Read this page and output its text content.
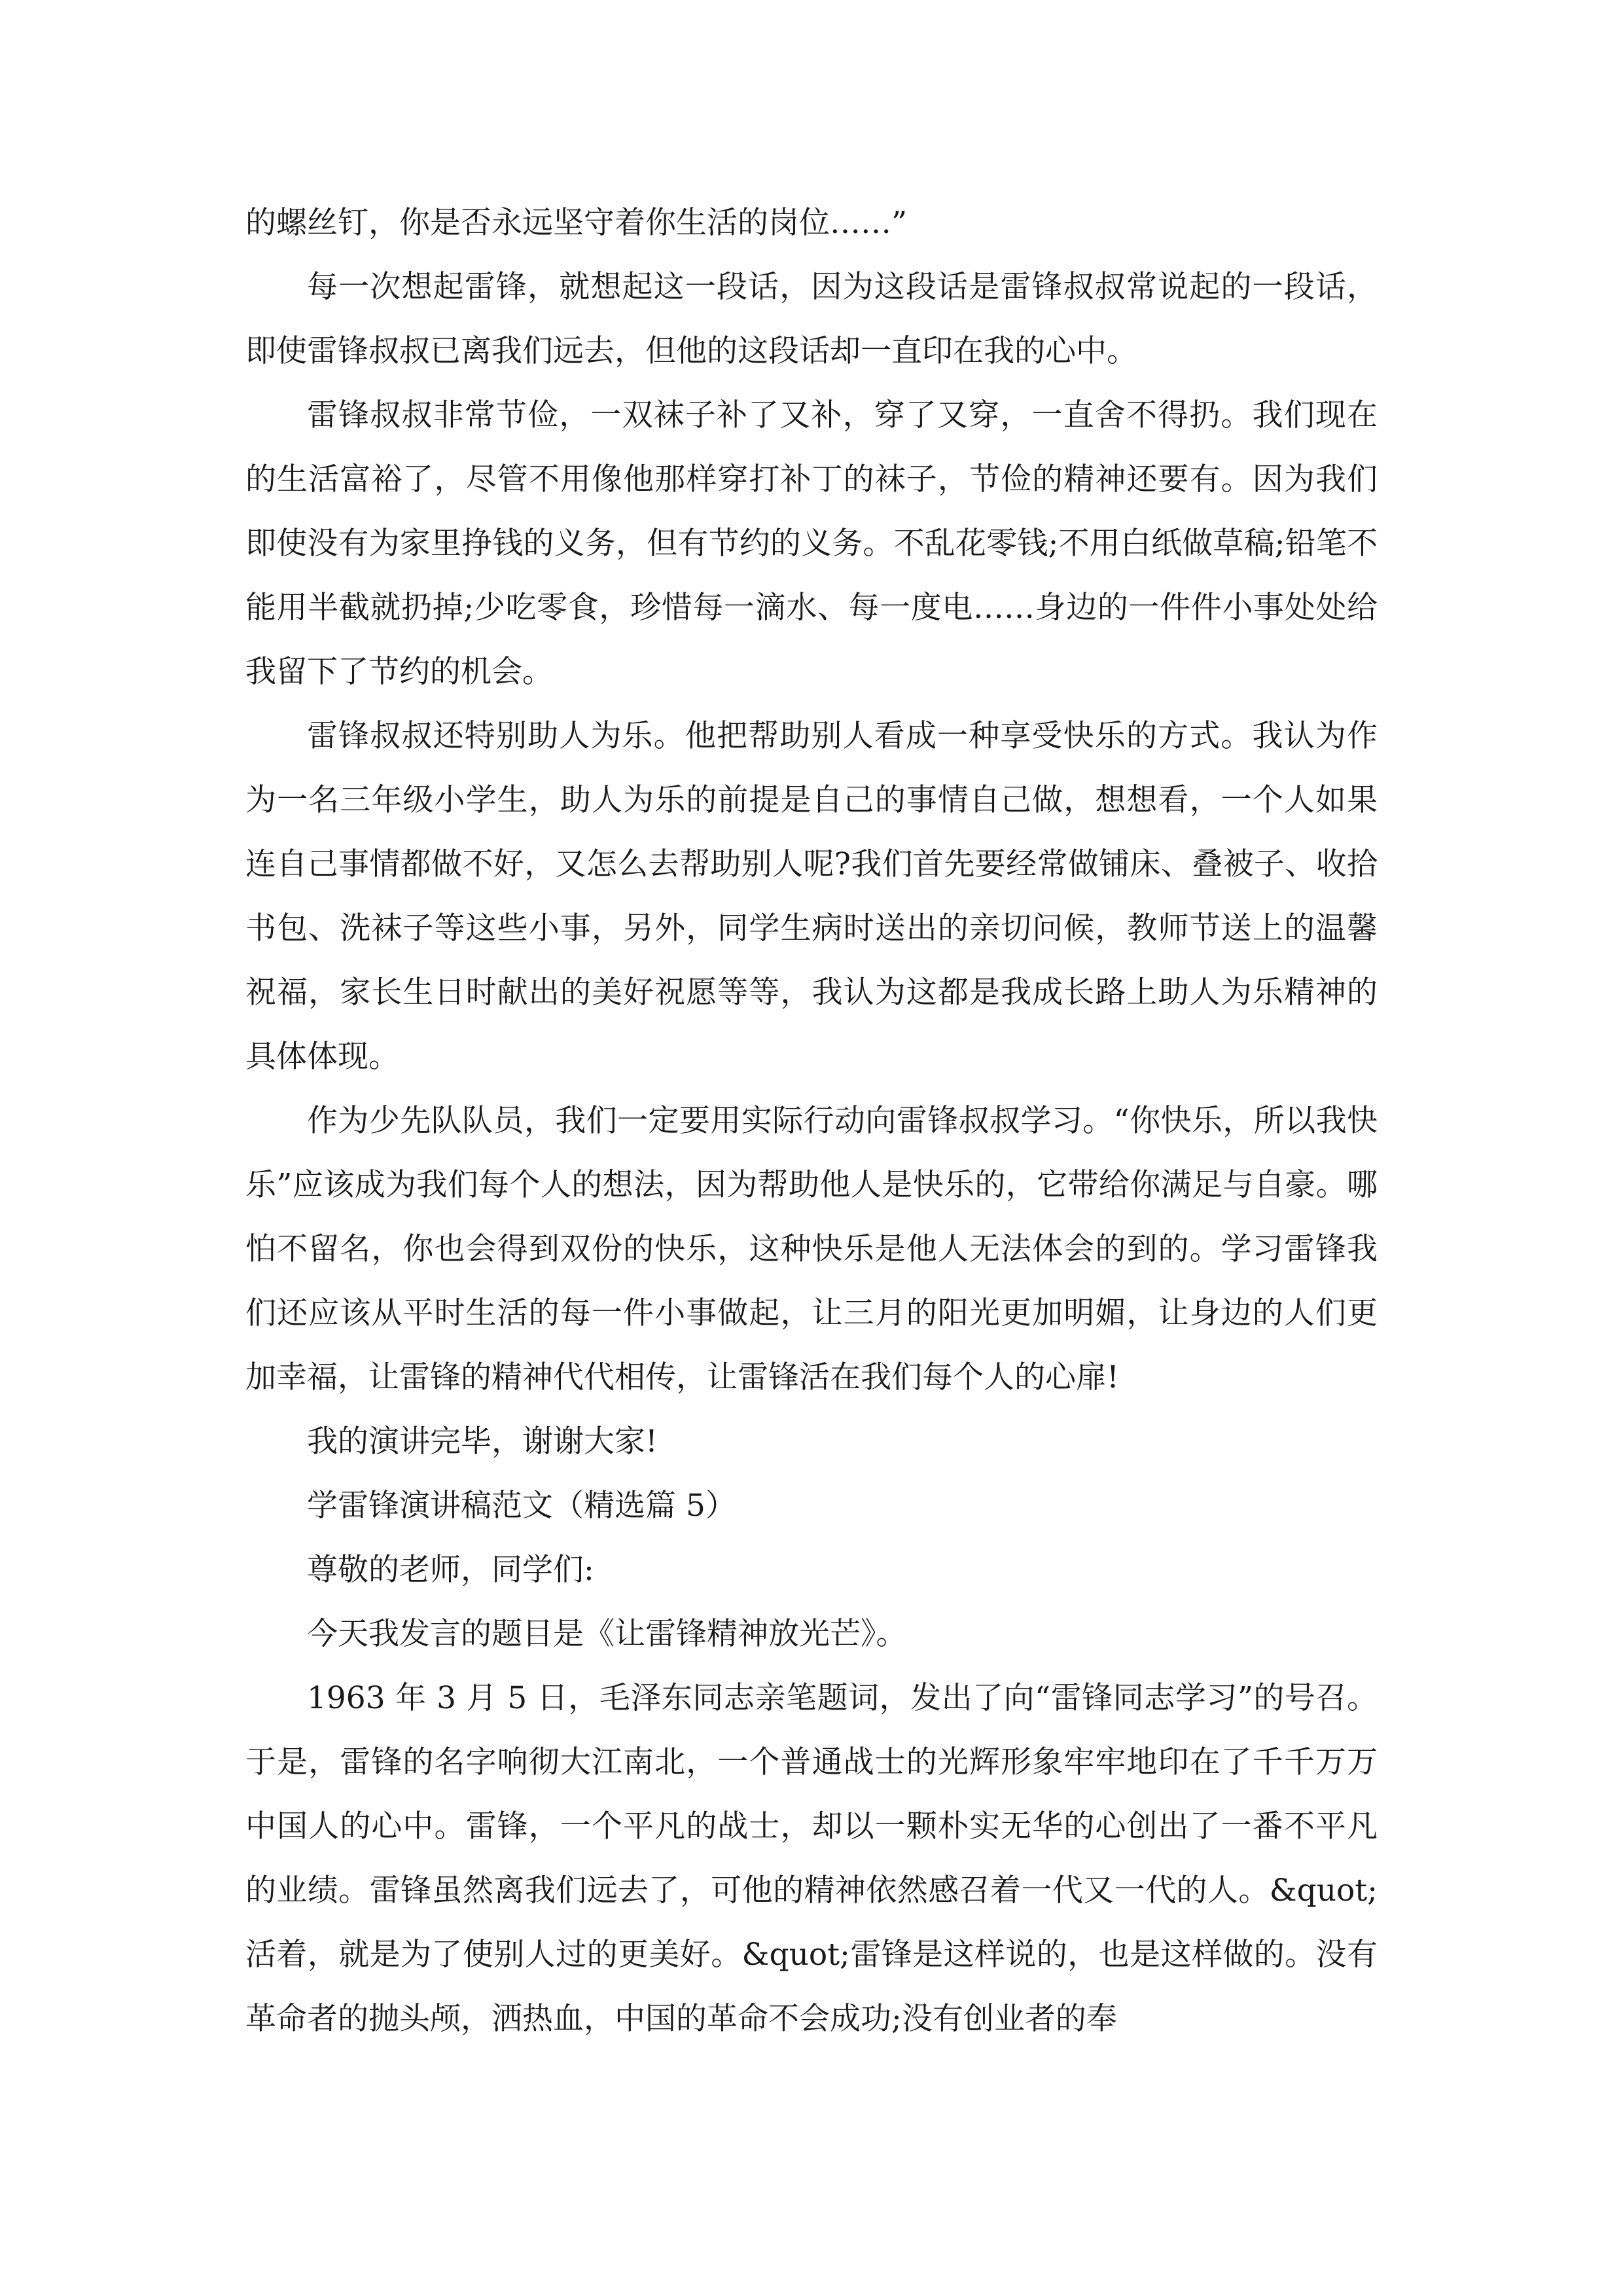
的螺丝钉，你是否永远坚守着你生活的岗位……”

每一次想起雷锋，就想起这一段话，因为这段话是雷锋叔叔常说起的一段话，即使雷锋叔叔已离我们远去，但他的这段话却一直印在我的心中。

雷锋叔叔非常节俭，一双袜子补了又补，穿了又穿，一直舍不得扔。我们现在的生活富裕了，尽管不用像他那样穿打补丁的袜子，节俭的精神还要有。因为我们即使没有为家里挣钱的义务，但有节约的义务。不乱花零钱;不用白纸做草稿;铅笔不能用半截就扔掉;少吃零食，珍惜每一滴水、每一度电……身边的一件件小事处处给我留下了节约的机会。

雷锋叔叔还特别助人为乐。他把帮助别人看成一种享受快乐的方式。我认为作为一名三年级小学生，助人为乐的前提是自己的事情自己做，想想看，一个人如果连自己事情都做不好，又怎么去帮助别人呢?我们首先要经常做铺床、叠被子、收拾书包、洗袜子等这些小事，另外，同学生病时送出的亲切问候，教师节送上的温馨祝福，家长生日时献出的美好祝愿等等，我认为这都是我成长路上助人为乐精神的具体体现。

作为少先队队员，我们一定要用实际行动向雷锋叔叔学习。“你快乐，所以我快乐”应该成为我们每个人的想法，因为帮助他人是快乐的，它带给你满足与自豪。哪怕不留名，你也会得到双份的快乐，这种快乐是他人无法体会的到的。学习雷锋我们还应该从平时生活的每一件小事做起，让三月的阳光更加明媚，让身边的人们更加幸福，让雷锋的精神代代相传，让雷锋活在我们每个人的心扉!

我的演讲完毕，谢谢大家!

学雷锋演讲稿范文（精选篇 5）

尊敬的老师，同学们:

今天我发言的题目是《让雷锋精神放光芒》。

1963 年 3 月 5 日，毛泽东同志亲笔题词，发出了向“雷锋同志学习”的号召。于是，雷锋的名字响彻大江南北，一个普通战士的光辉形象牢牢地印在了千千万万中国人的心中。雷锋，一个平凡的战士，却以一颗朴实无华的心创出了一番不平凡的业绩。雷锋虽然离我们远去了，可他的精神依然感召着一代又一代的人。&quot;活着，就是为了使别人过的更美好。&quot;雷锋是这样说的，也是这样做的。没有革命者的抛头颅，洒热血，中国的革命不会成功;没有创业者的奉
